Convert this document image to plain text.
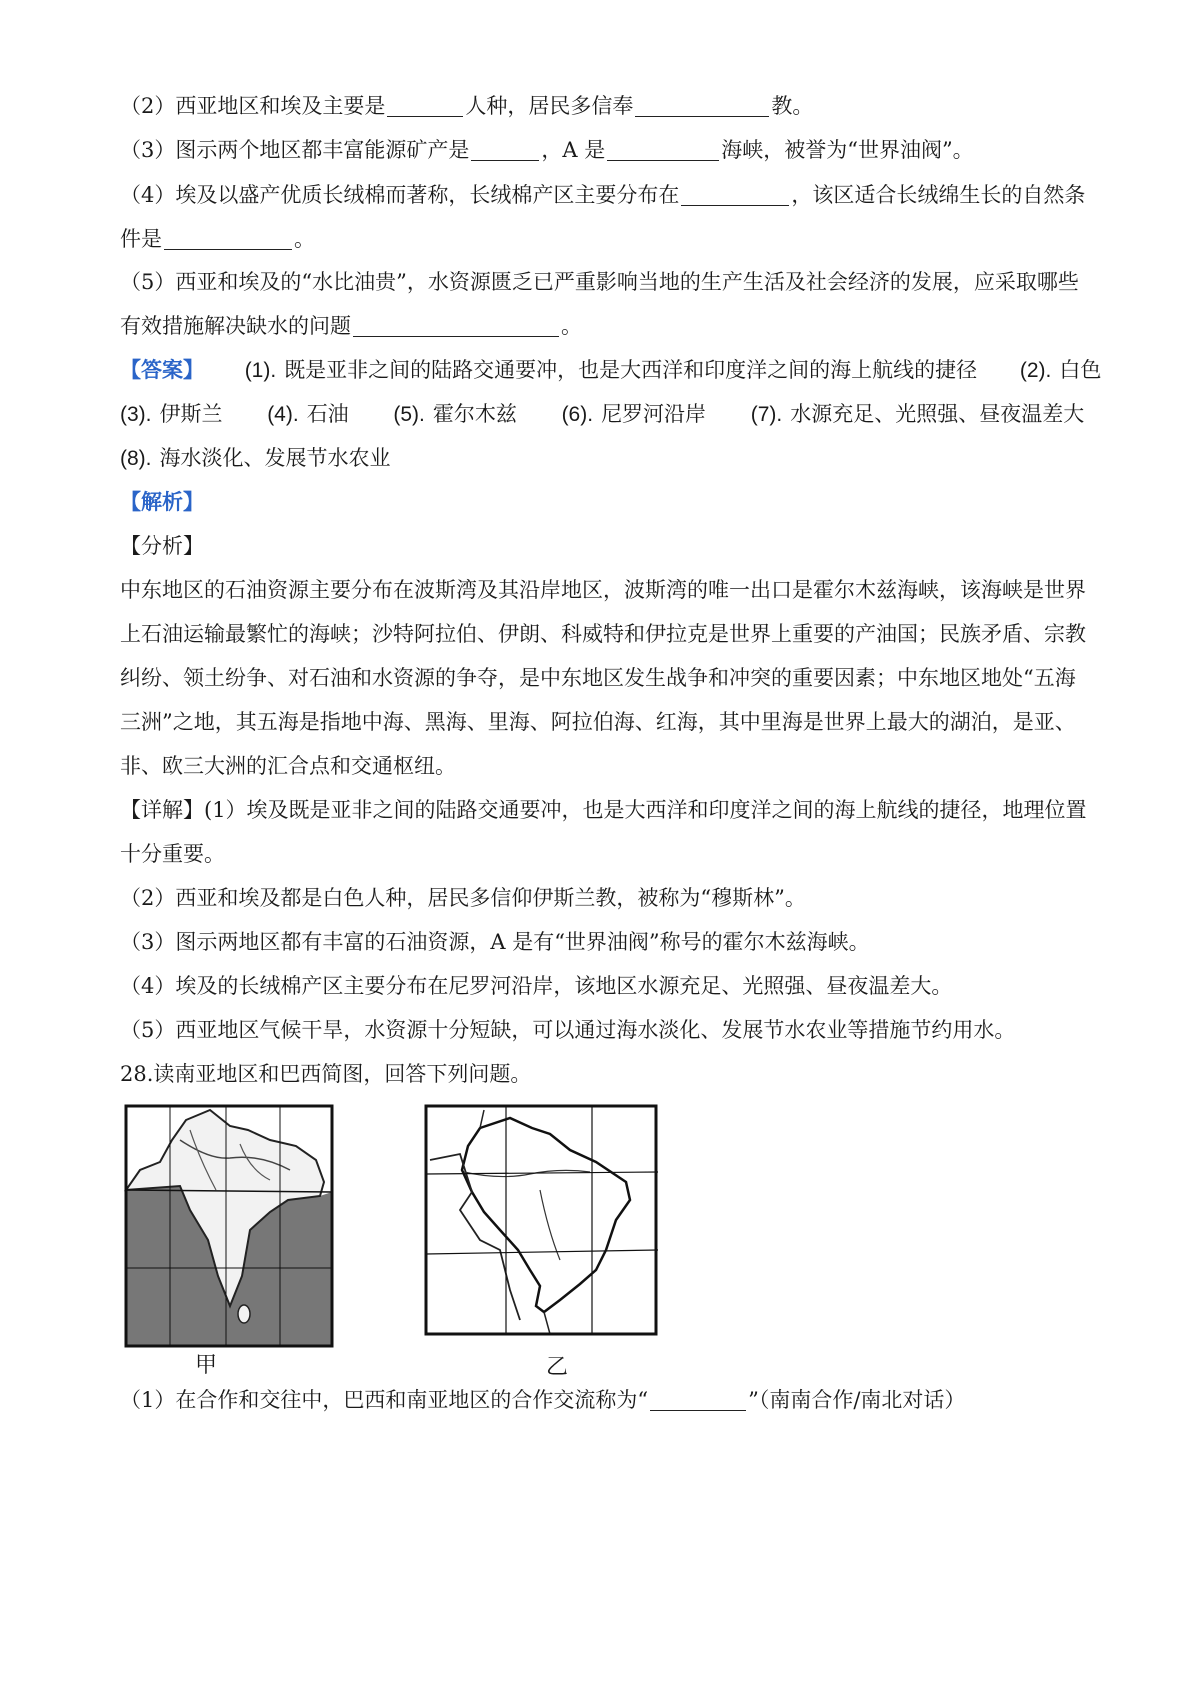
（2）西亚地区和埃及主要是	人种，居民多信奉	教。
（3）图示两个地区都丰富能源矿产是	，A 是	海峡，被誉为“世界油阀”。
（4）埃及以盛产优质长绒棉而著称，长绒棉产区主要分布在	，该区适合长绒绵生长的自然条
件是	。
（5）西亚和埃及的“水比油贵”，水资源匮乏已严重影响当地的生产生活及社会经济的发展，应采取哪些
有效措施解决缺水的问题	。
【答案】 (1). 既是亚非之间的陆路交通要冲，也是大西洋和印度洋之间的海上航线的捷径 (2). 白色
(3). 伊斯兰 (4). 石油 (5). 霍尔木兹 (6). 尼罗河沿岸 (7). 水源充足、光照强、昼夜温差大
(8). 海水淡化、发展节水农业
【解析】
【分析】
中东地区的石油资源主要分布在波斯湾及其沿岸地区，波斯湾的唯一出口是霍尔木兹海峡，该海峡是世界
上石油运输最繁忙的海峡；沙特阿拉伯、伊朗、科威特和伊拉克是世界上重要的产油国；民族矛盾、宗教
纠纷、领土纷争、对石油和水资源的争夺，是中东地区发生战争和冲突的重要因素；中东地区地处“五海
三洲”之地，其五海是指地中海、黑海、里海、阿拉伯海、红海，其中里海是世界上最大的湖泊，是亚、
非、欧三大洲的汇合点和交通枢纽。
【详解】(1）埃及既是亚非之间的陆路交通要冲，也是大西洋和印度洋之间的海上航线的捷径，地理位置
十分重要。
（2）西亚和埃及都是白色人种，居民多信仰伊斯兰教，被称为“穆斯林”。
（3）图示两地区都有丰富的石油资源，A 是有“世界油阀”称号的霍尔木兹海峡。
（4）埃及的长绒棉产区主要分布在尼罗河沿岸，该地区水源充足、光照强、昼夜温差大。
（5）西亚地区气候干旱，水资源十分短缺，可以通过海水淡化、发展节水农业等措施节约用水。
28.读南亚地区和巴西简图，回答下列问题。
甲	乙
（1）在合作和交往中，巴西和南亚地区的合作交流称为“	”（南南合作/南北对话）
